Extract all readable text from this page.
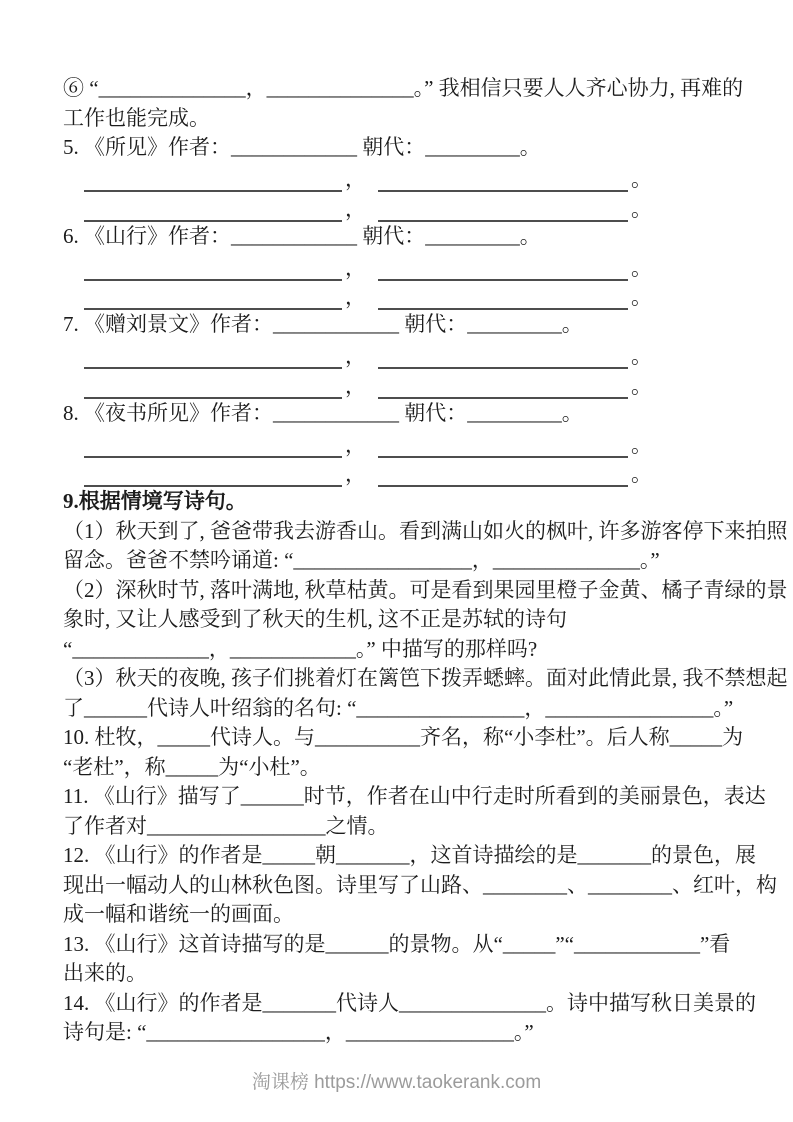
⑥ “______________，______________。” 我相信只要人人齐心协力, 再难的
工作也能完成。
5. 《所见》作者：____________ 朝代：_________。
，	。
，	。
6. 《山行》作者：____________ 朝代：_________。
，	。
，	。
7. 《赠刘景文》作者：____________ 朝代：_________。
，	。
，	。
8. 《夜书所见》作者：____________ 朝代：_________。
，	。
，	。
9.根据情境写诗句。
（1）秋天到了, 爸爸带我去游香山。看到满山如火的枫叶, 许多游客停下来拍照
留念。爸爸不禁吟诵道: “_________________，______________。”
（2）深秋时节, 落叶满地, 秋草枯黄。可是看到果园里橙子金黄、橘子青绿的景
象时, 又让人感受到了秋天的生机, 这不正是苏轼的诗句
“_____________，____________。” 中描写的那样吗?
（3）秋天的夜晚, 孩子们挑着灯在篱笆下拨弄蟋蟀。面对此情此景, 我不禁想起
了______代诗人叶绍翁的名句: “________________，________________。”
10. 杜牧，_____代诗人。与__________齐名，称“小李杜”。后人称_____为
“老杜”，称_____为“小杜”。
11. 《山行》描写了______时节，作者在山中行走时所看到的美丽景色，表达
了作者对_________________之情。
12. 《山行》的作者是_____朝_______，这首诗描绘的是_______的景色，展
现出一幅动人的山林秋色图。诗里写了山路、________、________、红叶，构
成一幅和谐统一的画面。
13. 《山行》这首诗描写的是______的景物。从“_____”“____________”看
出来的。
14. 《山行》的作者是_______代诗人______________。诗中描写秋日美景的
诗句是: “_________________，________________。”
淘课榜 https://www.taokerank.com
